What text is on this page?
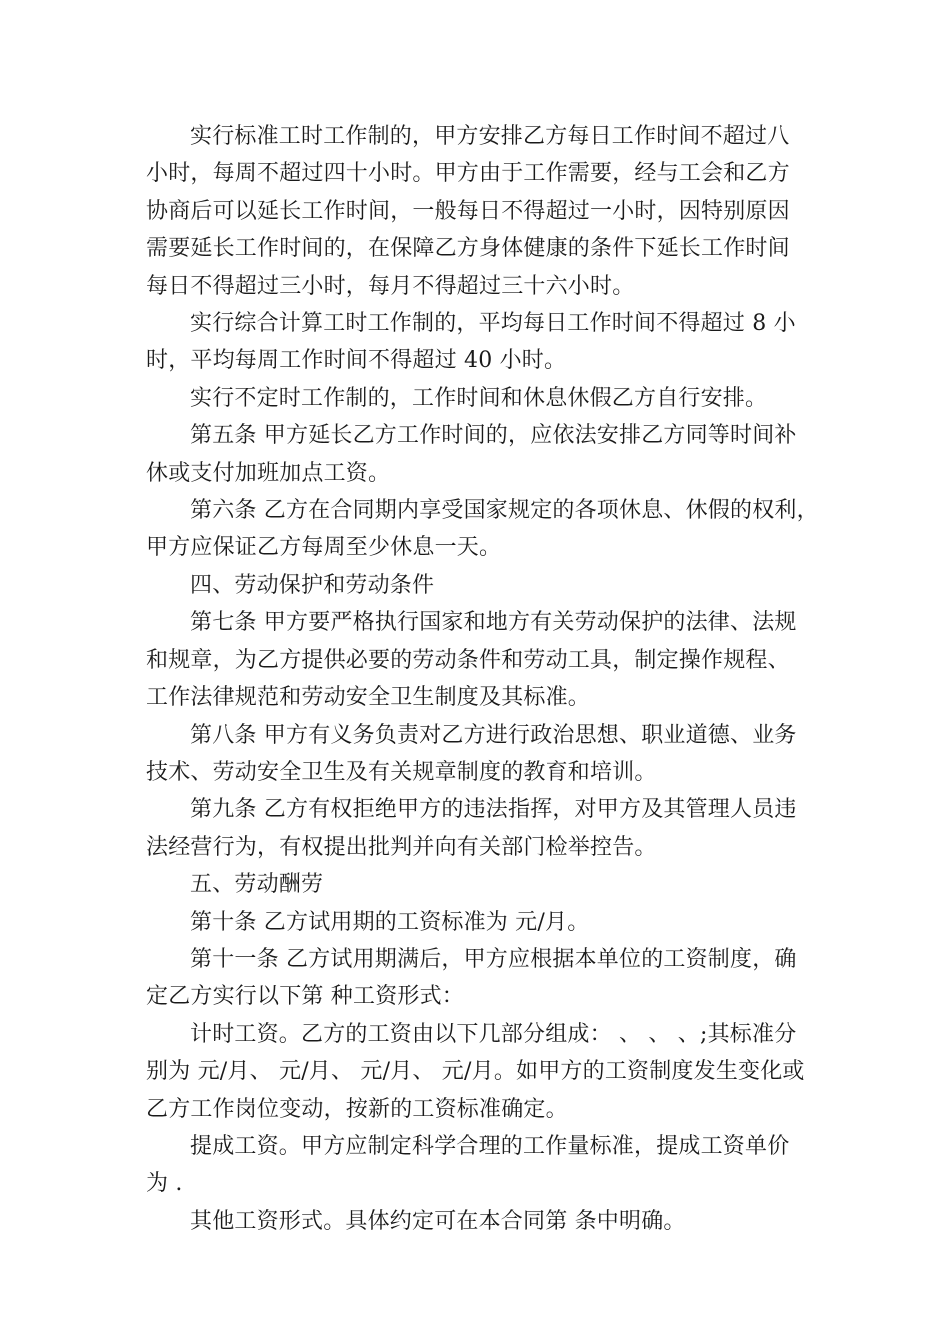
实行标准工时工作制的，甲方安排乙方每日工作时间不超过八
小时，每周不超过四十小时。甲方由于工作需要，经与工会和乙方
协商后可以延长工作时间，一般每日不得超过一小时，因特别原因
需要延长工作时间的，在保障乙方身体健康的条件下延长工作时间
每日不得超过三小时，每月不得超过三十六小时。
实行综合计算工时工作制的，平均每日工作时间不得超过 8 小
时，平均每周工作时间不得超过 40 小时。
实行不定时工作制的，工作时间和休息休假乙方自行安排。
第五条 甲方延长乙方工作时间的，应依法安排乙方同等时间补
休或支付加班加点工资。
第六条 乙方在合同期内享受国家规定的各项休息、休假的权利，
甲方应保证乙方每周至少休息一天。
四、劳动保护和劳动条件
第七条 甲方要严格执行国家和地方有关劳动保护的法律、法规
和规章，为乙方提供必要的劳动条件和劳动工具，制定操作规程、
工作法律规范和劳动安全卫生制度及其标准。
第八条 甲方有义务负责对乙方进行政治思想、职业道德、业务
技术、劳动安全卫生及有关规章制度的教育和培训。
第九条 乙方有权拒绝甲方的违法指挥，对甲方及其管理人员违
法经营行为，有权提出批判并向有关部门检举控告。
五、劳动酬劳
第十条 乙方试用期的工资标准为 元/月。
第十一条 乙方试用期满后，甲方应根据本单位的工资制度，确
定乙方实行以下第 种工资形式：
计时工资。乙方的工资由以下几部分组成： 、 、 、;其标准分
别为 元/月、 元/月、 元/月、 元/月。如甲方的工资制度发生变化或
乙方工作岗位变动，按新的工资标准确定。
提成工资。甲方应制定科学合理的工作量标准，提成工资单价
为 .
其他工资形式。具体约定可在本合同第 条中明确。
